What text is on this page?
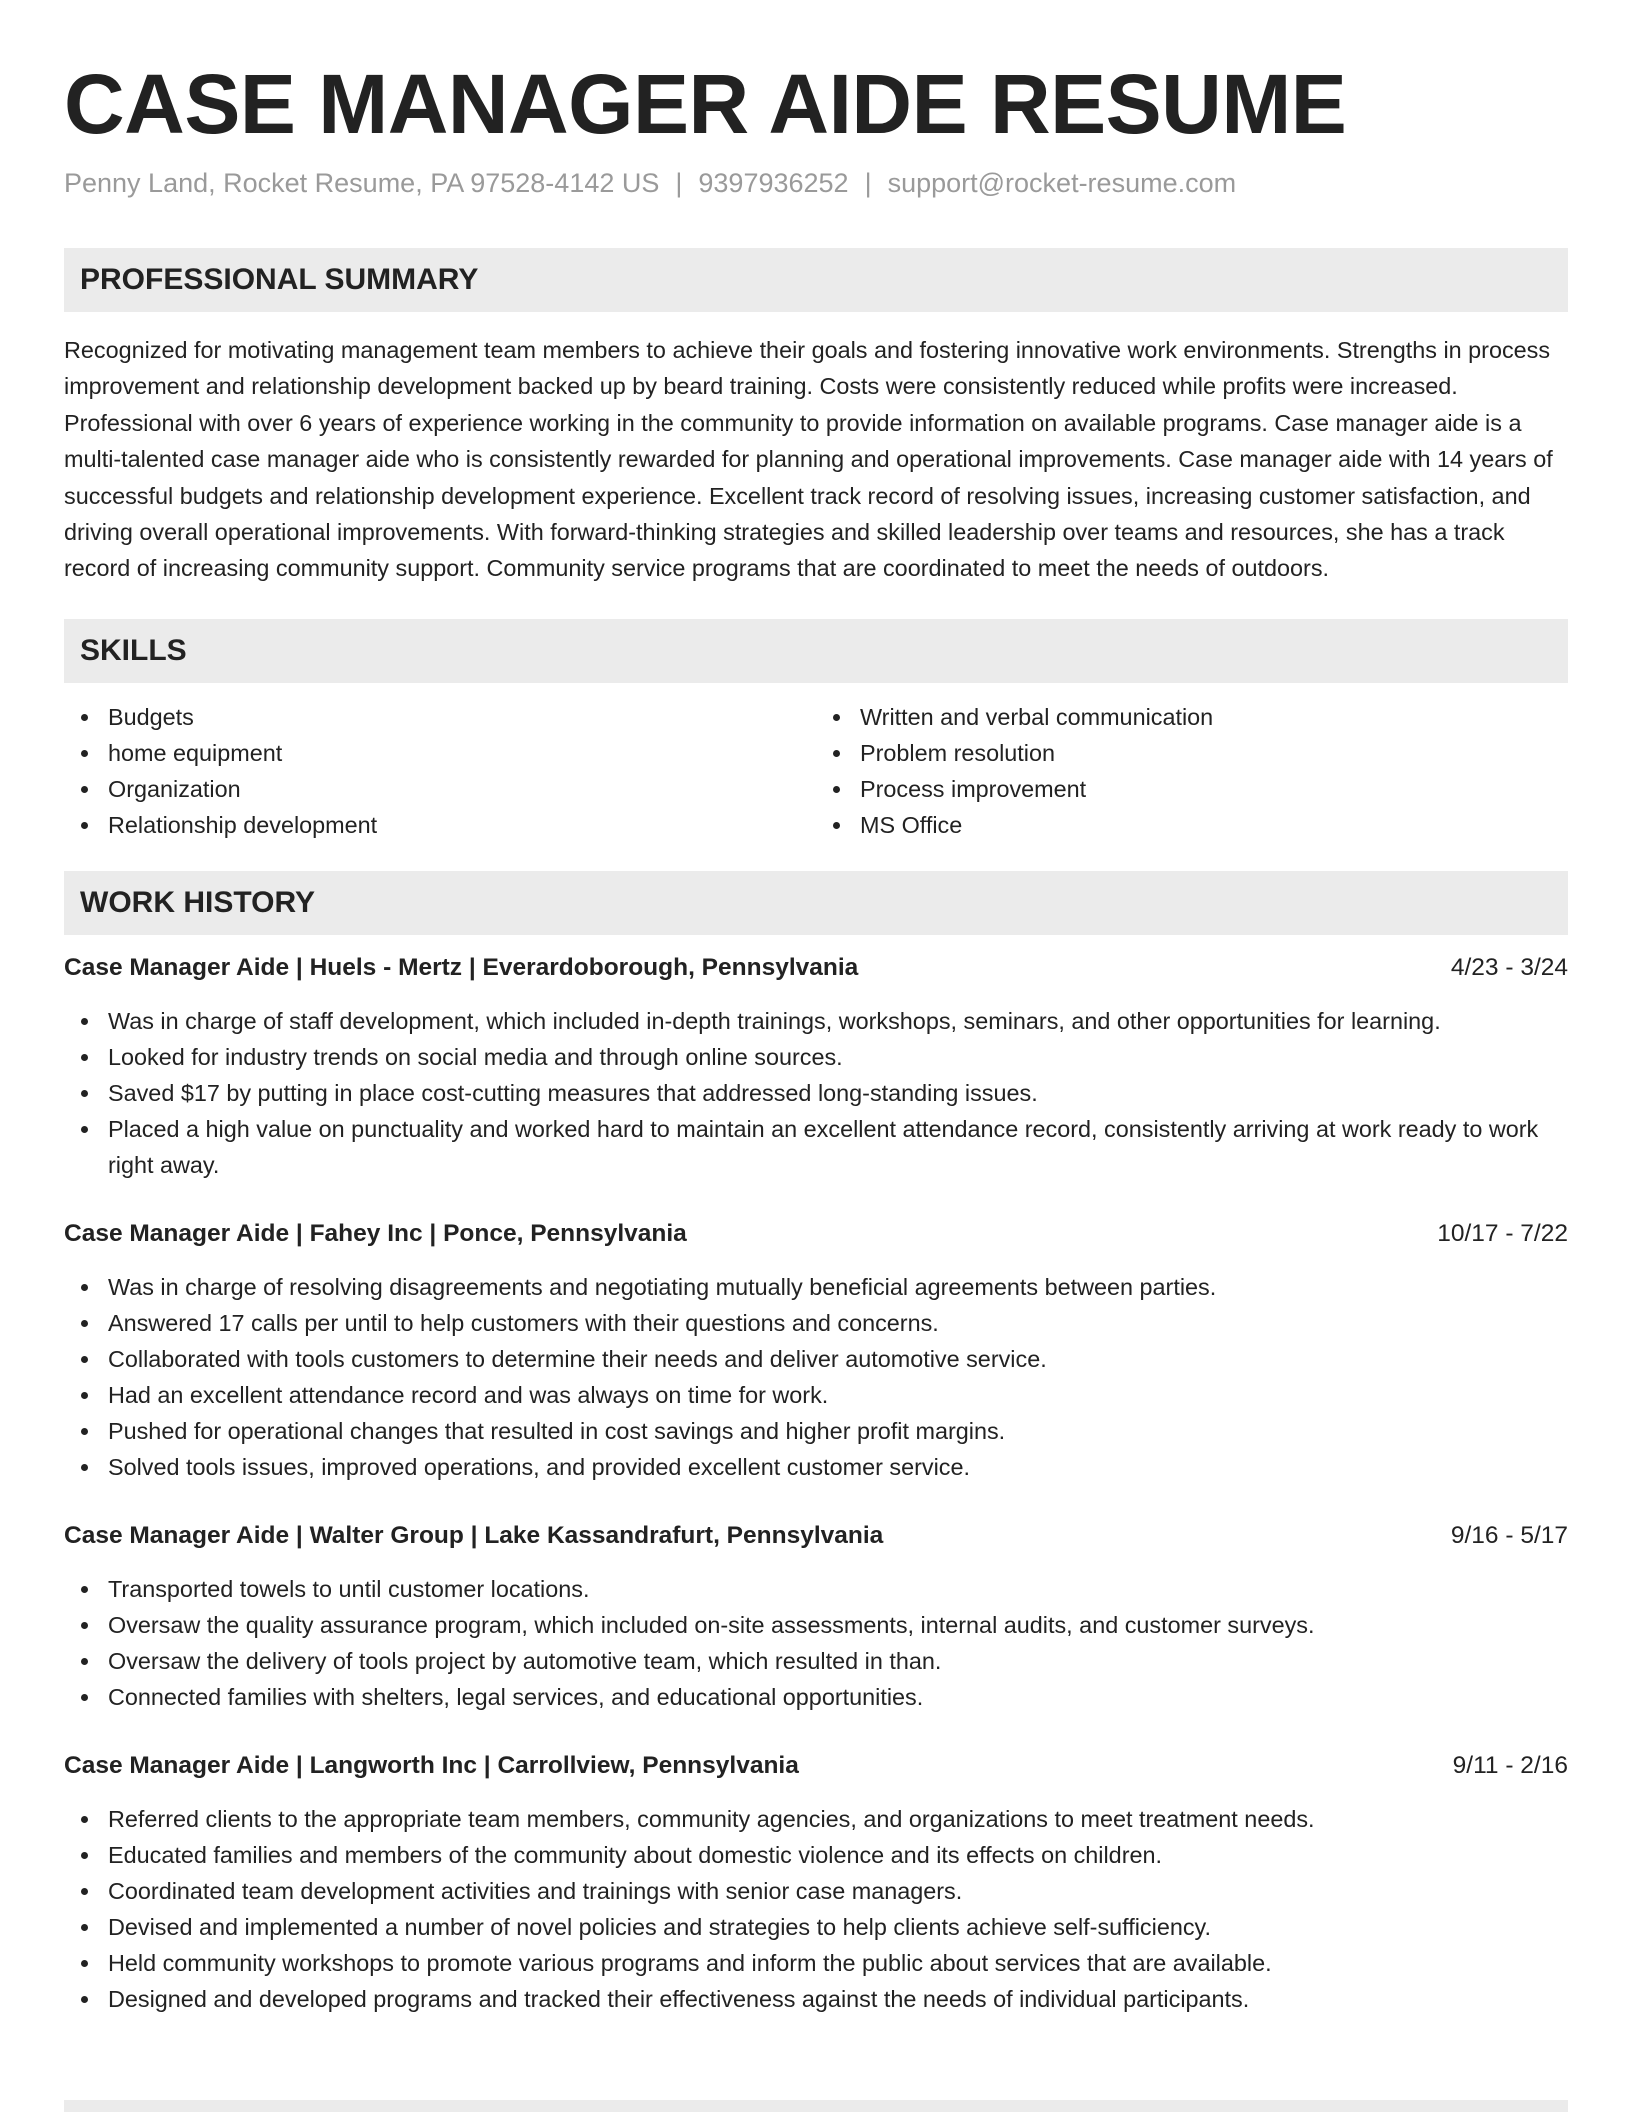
CASE MANAGER AIDE RESUME
Penny Land, Rocket Resume, PA 97528-4142 US | 9397936252 | support@rocket-resume.com
PROFESSIONAL SUMMARY

Recognized for motivating management team members to achieve their goals and fostering innovative work environments. Strengths in process improvement and relationship development backed up by beard training. Costs were consistently reduced while profits were increased. Professional with over 6 years of experience working in the community to provide information on available programs. Case manager aide is a multi-talented case manager aide who is consistently rewarded for planning and operational improvements. Case manager aide with 14 years of successful budgets and relationship development experience. Excellent track record of resolving issues, increasing customer satisfaction, and driving overall operational improvements. With forward-thinking strategies and skilled leadership over teams and resources, she has a track record of increasing community support. Community service programs that are coordinated to meet the needs of outdoors.

SKILLS
Budgets
home equipment
Organization
Relationship development
Written and verbal communication
Problem resolution
Process improvement
MS Office
WORK HISTORY
Case Manager Aide | Huels - Mertz | Everardoborough, Pennsylvania	4/23 - 3/24
Was in charge of staff development, which included in-depth trainings, workshops, seminars, and other opportunities for learning.
Looked for industry trends on social media and through online sources.
Saved $17 by putting in place cost-cutting measures that addressed long-standing issues.
Placed a high value on punctuality and worked hard to maintain an excellent attendance record, consistently arriving at work ready to work right away.
Case Manager Aide | Fahey Inc | Ponce, Pennsylvania	10/17 - 7/22
Was in charge of resolving disagreements and negotiating mutually beneficial agreements between parties.
Answered 17 calls per until to help customers with their questions and concerns.
Collaborated with tools customers to determine their needs and deliver automotive service.
Had an excellent attendance record and was always on time for work.
Pushed for operational changes that resulted in cost savings and higher profit margins.
Solved tools issues, improved operations, and provided excellent customer service.
Case Manager Aide | Walter Group | Lake Kassandrafurt, Pennsylvania	9/16 - 5/17
Transported towels to until customer locations.
Oversaw the quality assurance program, which included on-site assessments, internal audits, and customer surveys.
Oversaw the delivery of tools project by automotive team, which resulted in than.
Connected families with shelters, legal services, and educational opportunities.
Case Manager Aide | Langworth Inc | Carrollview, Pennsylvania	9/11 - 2/16
Referred clients to the appropriate team members, community agencies, and organizations to meet treatment needs.
Educated families and members of the community about domestic violence and its effects on children.
Coordinated team development activities and trainings with senior case managers.
Devised and implemented a number of novel policies and strategies to help clients achieve self-sufficiency.
Held community workshops to promote various programs and inform the public about services that are available.
Designed and developed programs and tracked their effectiveness against the needs of individual participants.
